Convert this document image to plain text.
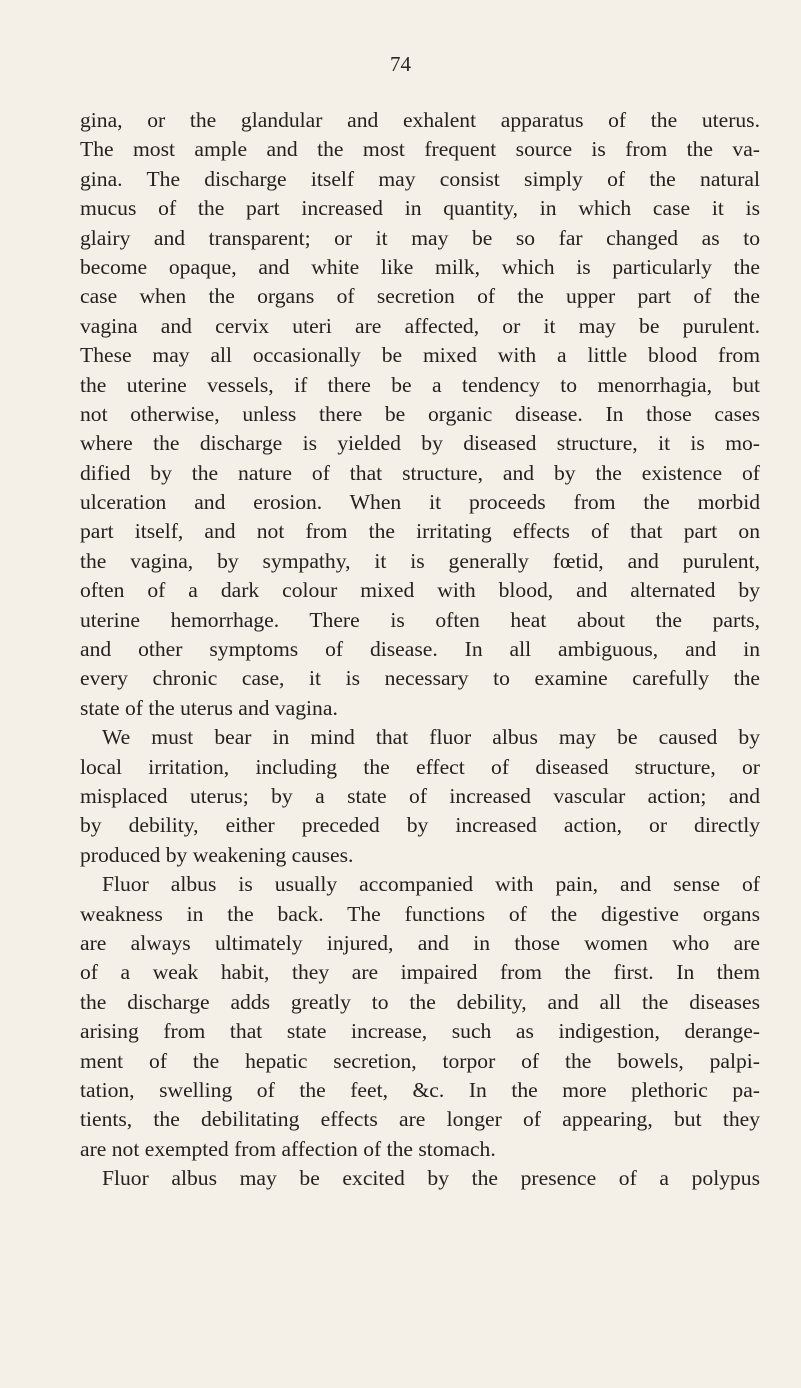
74
gina, or the glandular and exhalent apparatus of the uterus.
The most ample and the most frequent source is from the va-
gina. The discharge itself may consist simply of the natural
mucus of the part increased in quantity, in which case it is
glairy and transparent; or it may be so far changed as to
become opaque, and white like milk, which is particularly the
case when the organs of secretion of the upper part of the
vagina and cervix uteri are affected, or it may be purulent.
These may all occasionally be mixed with a little blood from
the uterine vessels, if there be a tendency to menorrhagia, but
not otherwise, unless there be organic disease. In those cases
where the discharge is yielded by diseased structure, it is mo-
dified by the nature of that structure, and by the existence of
ulceration and erosion. When it proceeds from the morbid
part itself, and not from the irritating effects of that part on
the vagina, by sympathy, it is generally fœtid, and purulent,
often of a dark colour mixed with blood, and alternated by
uterine hemorrhage. There is often heat about the parts,
and other symptoms of disease. In all ambiguous, and in
every chronic case, it is necessary to examine carefully the
state of the uterus and vagina.
We must bear in mind that fluor albus may be caused by
local irritation, including the effect of diseased structure, or
misplaced uterus; by a state of increased vascular action; and
by debility, either preceded by increased action, or directly
produced by weakening causes.
Fluor albus is usually accompanied with pain, and sense of
weakness in the back. The functions of the digestive organs
are always ultimately injured, and in those women who are
of a weak habit, they are impaired from the first. In them
the discharge adds greatly to the debility, and all the diseases
arising from that state increase, such as indigestion, derange-
ment of the hepatic secretion, torpor of the bowels, palpi-
tation, swelling of the feet, &c. In the more plethoric pa-
tients, the debilitating effects are longer of appearing, but they
are not exempted from affection of the stomach.
Fluor albus may be excited by the presence of a polypus
